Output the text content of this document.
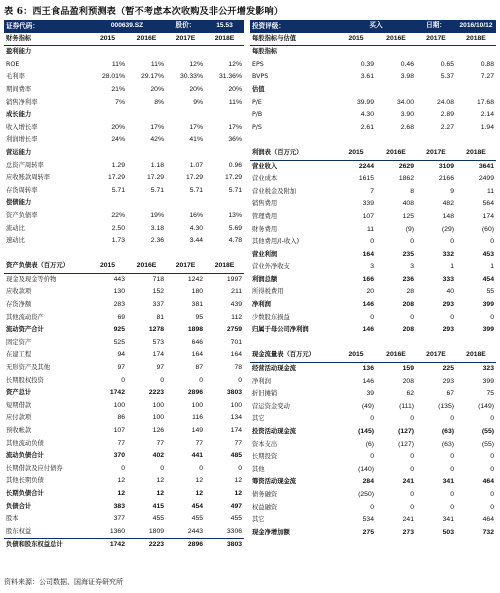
表 6：西王食品盈利预测表（暂不考虑本次收购及非公开增发影响）
证券代码：	000639.SZ		股价：	15.53
财务指标	2015	2016E	2017E	2018E
盈利能力				
ROE	11%	11%	12%	12%
毛利率	28.01%	29.17%	30.33%	31.36%
期间费率	21%	20%	20%	20%
销售净利率	7%	8%	9%	11%
成长能力				
收入增长率	20%	17%	17%	17%
利润增长率	24%	42%	41%	36%
营运能力				
总资产周转率	1.29	1.18	1.07	0.96
应收账款周转率	17.29	17.29	17.29	17.29
存货周转率	5.71	5.71	5.71	5.71
偿债能力				
资产负债率	22%	19%	16%	13%
流动比	2.50	3.18	4.30	5.69
速动比	1.73	2.36	3.44	4.78

资产负债表（百万元）	2015	2016E	2017E	2018E
现金及现金等价物	443	718	1242	1997
应收款项	130	152	180	211
存货净额	283	337	381	439
其他流动资产	69	81	95	112
流动资产合计	925	1278	1898	2759
固定资产	525	573	646	701
在建工程	94	174	164	164
无形资产及其他	97	97	87	78
长期股权投资	0	0	0	0
资产总计	1742	2223	2896	3803
短期借款	100	100	100	100
应付款项	86	100	116	134
预收帐款	107	126	149	174
其他流动负债	77	77	77	77
流动负债合计	370	402	441	485
长期借款及应付债券	0	0	0	0
其他长期负债	12	12	12	12
长期负债合计	12	12	12	12
负债合计	383	415	454	497
股本	377	455	455	455
股东权益	1360	1809	2443	3306
负债和股东权益总计	1742	2223	2896	3803
投资评级：	买入		日期：	2016/10/12
每股指标与估值	2015	2016E	2017E	2018E
每股指标				
EPS	0.39	0.46	0.65	0.88
BVPS	3.61	3.98	5.37	7.27
估值				
P/E	39.99	34.00	24.08	17.68
P/B	4.30	3.90	2.89	2.14
P/S	2.61	2.68	2.27	1.94

利润表（百万元）	2015	2016E	2017E	2018E
营业收入	2244	2629	3109	3641
营业成本	1615	1862	2166	2499
营业税金及附加	7	8	9	11
销售费用	339	408	482	564
管理费用	107	125	148	174
财务费用	11	(9)	(29)	(60)
其他费用/(-收入)	0	0	0	0
营业利润	164	235	332	453
营业外净收支	3	3	1	1
利润总额	166	236	333	454
所得税费用	20	28	40	55
净利润	146	208	293	399
少数股东损益	0	0	0	0
归属于母公司净利润	146	208	293	399

现金流量表（百万元）	2015	2016E	2017E	2018E
经营活动现金流	136	159	225	323
净利润	146	208	293	399
折旧摊销	39	62	67	75
营运资金变动	(49)	(111)	(135)	(149)
其它	0	0	0	0
投资活动现金流	(145)	(127)	(63)	(55)
资本支出	(6)	(127)	(63)	(55)
长期投资	0	0	0	0
其他	(140)	0	0	0
筹资活动现金流	284	241	341	464
债务融资	(250)	0	0	0
权益融资	0	0	0	0
其它	534	241	341	464
现金净增加额	275	273	503	732
资料来源：公司数据、国海证券研究所
